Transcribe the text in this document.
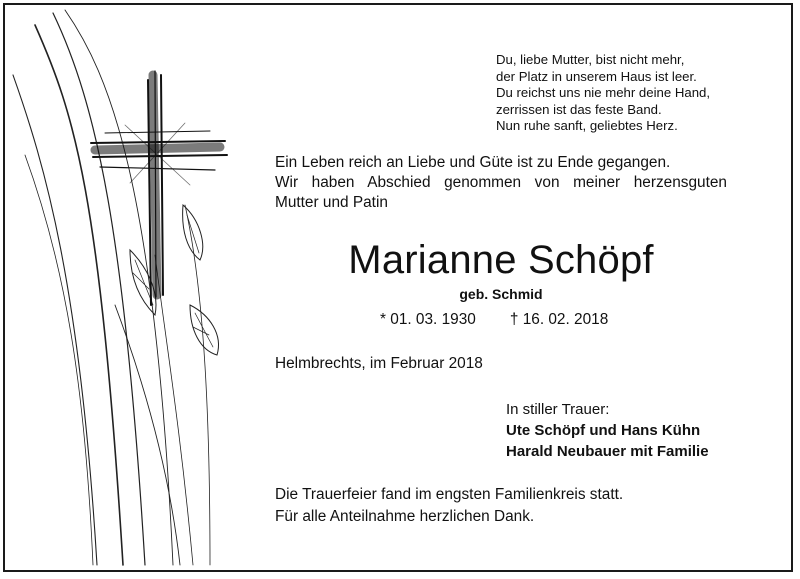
Du, liebe Mutter, bist nicht mehr,
der Platz in unserem Haus ist leer.
Du reichst uns nie mehr deine Hand,
zerrissen ist das feste Band.
Nun ruhe sanft, geliebtes Herz.
Ein Leben reich an Liebe und Güte ist zu Ende gegangen.
Wir haben Abschied genommen von meiner herzensguten
Mutter und Patin
Marianne Schöpf
geb. Schmid
* 01. 03. 1930 † 16. 02. 2018
Helmbrechts, im Februar 2018
In stiller Trauer:
Ute Schöpf und Hans Kühn
Harald Neubauer mit Familie
Die Trauerfeier fand im engsten Familienkreis statt.
Für alle Anteilnahme herzlichen Dank.
